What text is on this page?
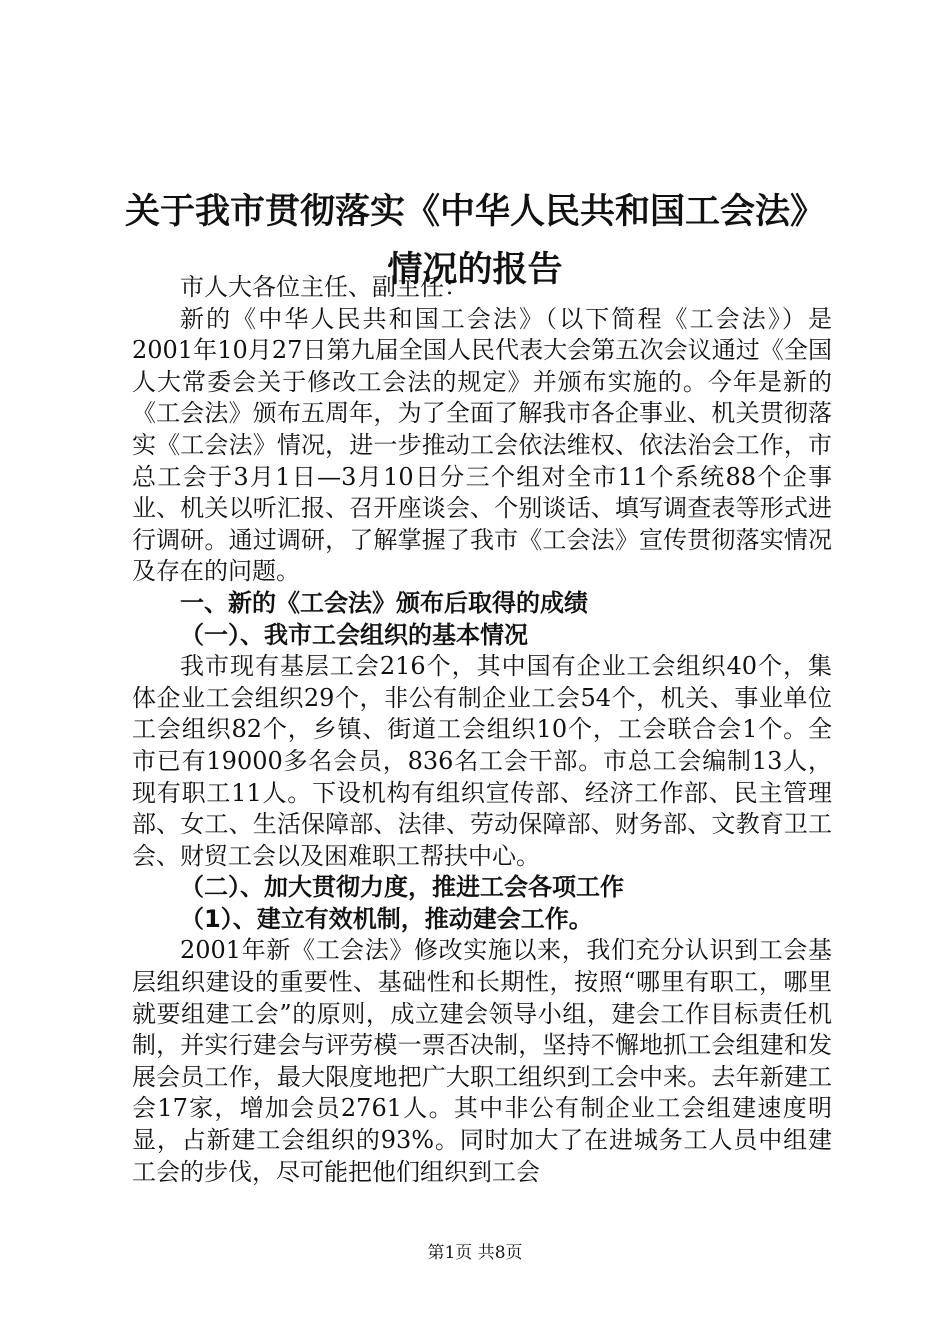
关于我市贯彻落实《中华人民共和国工会法》
情况的报告

市人大各位主任、副主任：

新的《中华人民共和国工会法》（以下简程《工会法》）是2001年10月27日第九届全国人民代表大会第五次会议通过《全国人大常委会关于修改工会法的规定》并颁布实施的。今年是新的《工会法》颁布五周年，为了全面了解我市各企事业、机关贯彻落实《工会法》情况，进一步推动工会依法维权、依法治会工作，市总工会于3月1日—3月10日分三个组对全市11个系统88个企事业、机关以听汇报、召开座谈会、个别谈话、填写调查表等形式进行调研。通过调研，了解掌握了我市《工会法》宣传贯彻落实情况及存在的问题。

一、新的《工会法》颁布后取得的成绩

（一）、我市工会组织的基本情况

我市现有基层工会216个，其中国有企业工会组织40个，集体企业工会组织29个，非公有制企业工会54个，机关、事业单位工会组织82个，乡镇、街道工会组织10个，工会联合会1个。全市已有19000多名会员，836名工会干部。市总工会编制13人，现有职工11人。下设机构有组织宣传部、经济工作部、民主管理部、女工、生活保障部、法律、劳动保障部、财务部、文教育卫工会、财贸工会以及困难职工帮扶中心。

（二）、加大贯彻力度，推进工会各项工作

（1）、建立有效机制，推动建会工作。

2001年新《工会法》修改实施以来，我们充分认识到工会基层组织建设的重要性、基础性和长期性，按照“哪里有职工，哪里就要组建工会”的原则，成立建会领导小组，建会工作目标责任机制，并实行建会与评劳模一票否决制，坚持不懈地抓工会组建和发展会员工作，最大限度地把广大职工组织到工会中来。去年新建工会17家，增加会员2761人。其中非公有制企业工会组建速度明显，占新建工会组织的93%。同时加大了在进城务工人员中组建工会的步伐，尽可能把他们组织到工会

第1页 共8页
